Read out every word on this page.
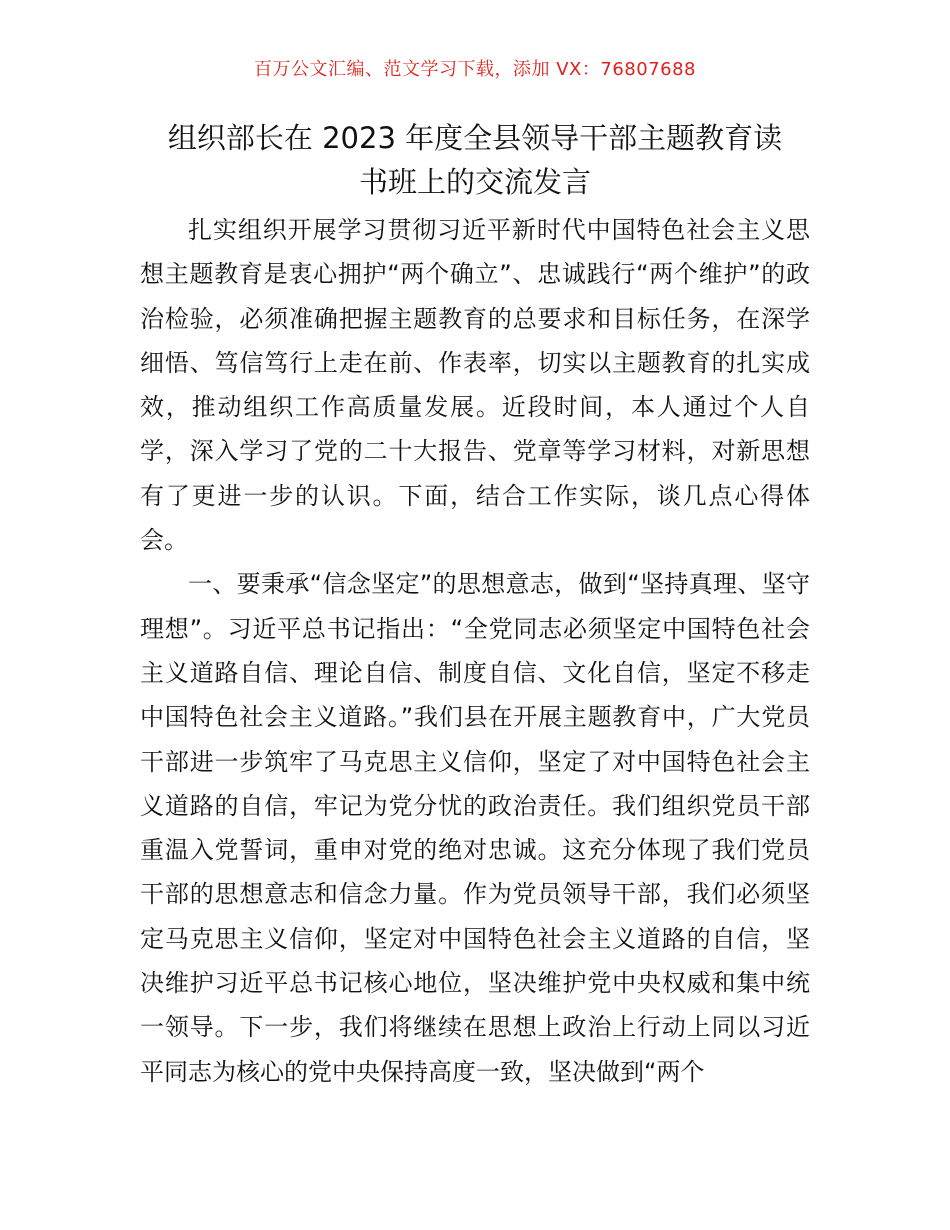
百万公文汇编、范文学习下载，添加 VX：76807688
组织部长在 2023 年度全县领导干部主题教育读
书班上的交流发言

扎实组织开展学习贯彻习近平新时代中国特色社会主义思想主题教育是衷心拥护“两个确立”、忠诚践行“两个维护”的政治检验，必须准确把握主题教育的总要求和目标任务，在深学细悟、笃信笃行上走在前、作表率，切实以主题教育的扎实成效，推动组织工作高质量发展。近段时间，本人通过个人自学，深入学习了党的二十大报告、党章等学习材料，对新思想有了更进一步的认识。下面，结合工作实际，谈几点心得体会。

一、要秉承“信念坚定”的思想意志，做到“坚持真理、坚守理想”。习近平总书记指出：“全党同志必须坚定中国特色社会主义道路自信、理论自信、制度自信、文化自信，坚定不移走中国特色社会主义道路。”我们县在开展主题教育中，广大党员干部进一步筑牢了马克思主义信仰，坚定了对中国特色社会主义道路的自信，牢记为党分忧的政治责任。我们组织党员干部重温入党誓词，重申对党的绝对忠诚。这充分体现了我们党员干部的思想意志和信念力量。作为党员领导干部，我们必须坚定马克思主义信仰，坚定对中国特色社会主义道路的自信，坚决维护习近平总书记核心地位，坚决维护党中央权威和集中统一领导。下一步，我们将继续在思想上政治上行动上同以习近平同志为核心的党中央保持高度一致，坚决做到“两个
